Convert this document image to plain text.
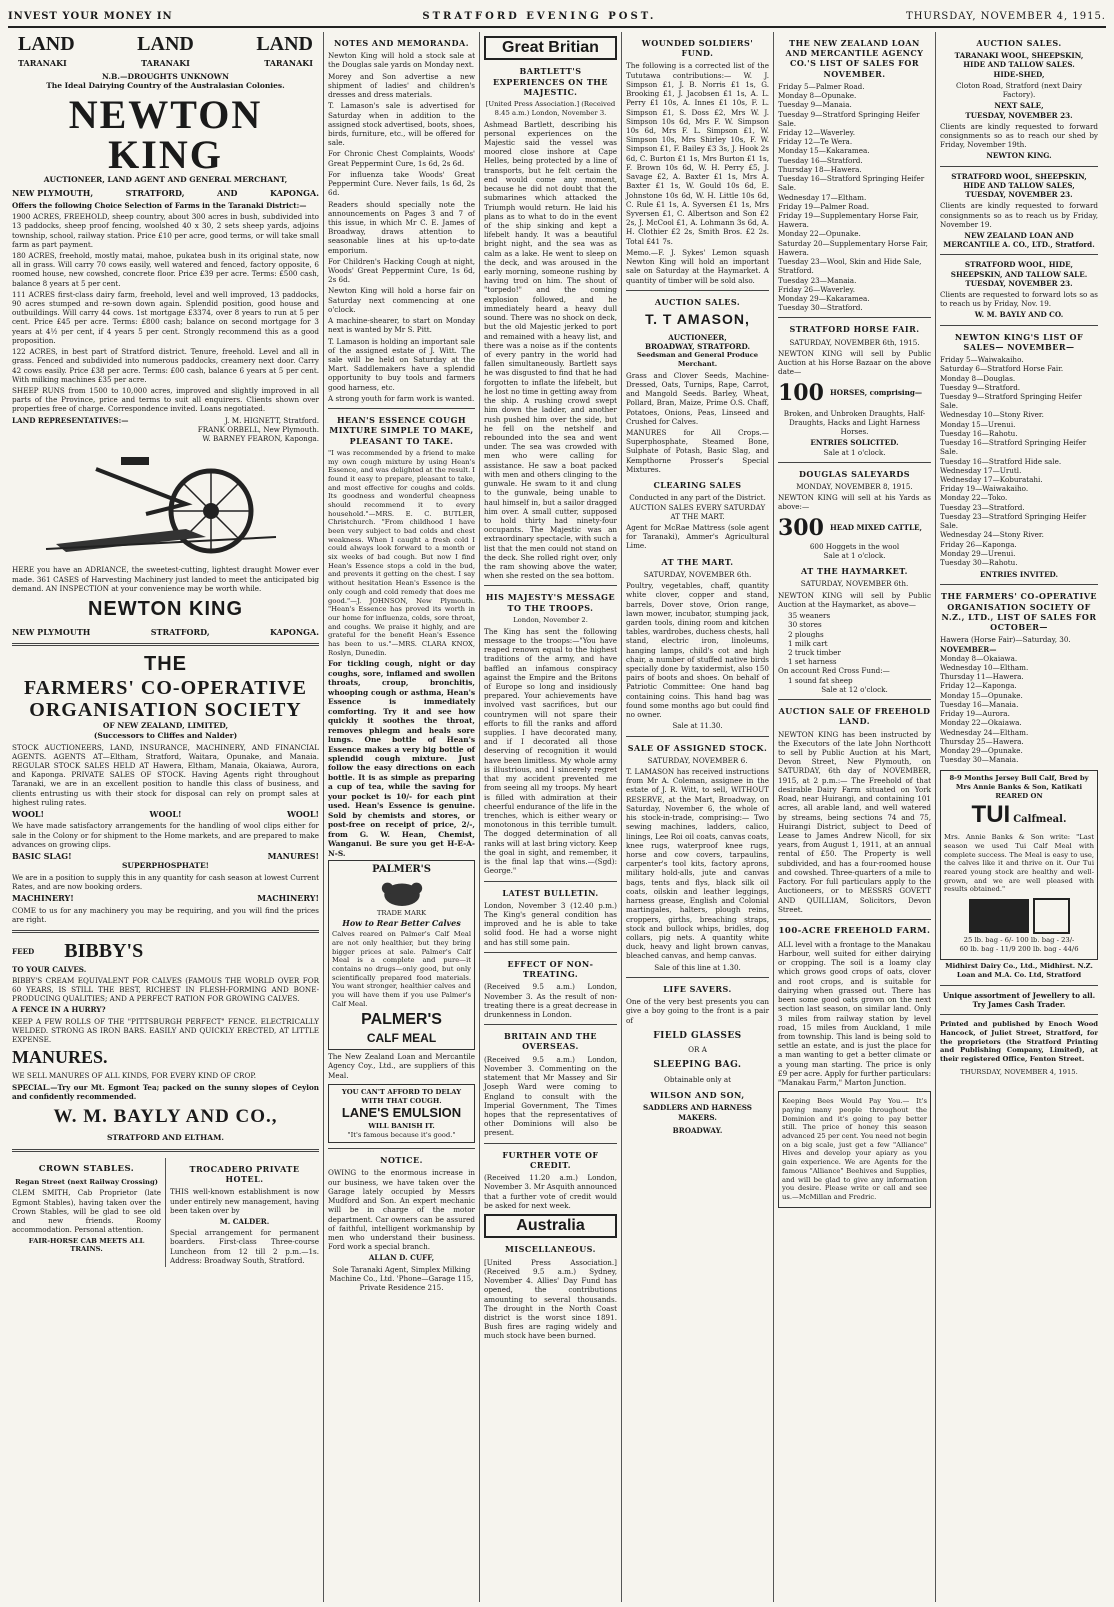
INVEST YOUR MONEY IN	STRATFORD EVENING POST.	THURSDAY, NOVEMBER 4, 1915.
LAND	LAND	LAND
TARANAKI	TARANAKI	TARANAKI
N.B.—DROUGHTS UNKNOWN
The Ideal Dairying Country of the Australasian Colonies.
NEWTON KING
AUCTIONEER, LAND AGENT AND GENERAL MERCHANT,
NEW PLYMOUTH,	STRATFORD,	AND	KAPONGA.

Offers the following Choice Selection of Farms in the Taranaki District:—

1900 ACRES, FREEHOLD, sheep country, about 300 acres in bush, subdivided into 13 paddocks, sheep proof fencing, woolshed 40 x 30, 2 sets sheep yards, adjoins township, school, railway station. Price £10 per acre, good terms, or will take small farm as part payment.

180 ACRES, freehold, mostly matai, mahoe, pukatea bush in its original state, now all in grass. Will carry 70 cows easily, well watered and fenced, factory opposite, 6 roomed house, new cowshed, concrete floor. Price £39 per acre. Terms: £500 cash, balance 8 years at 5 per cent.

111 ACRES first-class dairy farm, freehold, level and well improved, 13 paddocks, 90 acres stumped and re-sown down again. Splendid position, good house and outbuildings. Will carry 44 cows. 1st mortgage £3374, over 8 years to run at 5 per cent. Price £45 per acre. Terms: £800 cash; balance on second mortgage for 3 years at 4½ per cent, if 4 years 5 per cent. Strongly recommend this as a good proposition.

122 ACRES, in best part of Stratford district. Tenure, freehold. Level and all in grass. Fenced and subdivided into numerous paddocks, creamery next door. Carry 42 cows easily. Price £38 per acre. Terms: £00 cash, balance 6 years at 5 per cent. With milking machines £35 per acre.

SHEEP RUNS from 1500 to 10,000 acres, improved and slightly improved in all parts of the Province, price and terms to suit all enquirers. Clients shown over properties free of charge. Correspondence invited. Loans negotiated.

LAND REPRESENTATIVES:—	J. M. HIGNETT, Stratford.
FRANK ORBELL, New Plymouth.
W. BARNEY FEARON, Kaponga.

HERE you have an ADRIANCE, the sweetest-cutting, lightest draught Mower ever made. 361 CASES of Harvesting Machinery just landed to meet the anticipated big demand. AN INSPECTION at your convenience may be worth while.

NEWTON KING
NEW PLYMOUTH	STRATFORD,	KAPONGA.
THE
FARMERS' CO-OPERATIVE ORGANISATION SOCIETY
OF NEW ZEALAND, LIMITED,
(Successors to Cliffes and Nalder)

STOCK AUCTIONEERS, LAND, INSURANCE, MACHINERY, AND FINANCIAL AGENTS. AGENTS AT—Eltham, Stratford, Waitara, Opunake, and Manaia. REGULAR STOCK SALES HELD AT Hawera, Eltham, Manaia, Okaiawa, Aurora, and Kaponga. PRIVATE SALES OF STOCK. Having Agents right throughout Taranaki, we are in an excellent position to handle this class of business, and clients entrusting us with their stock for disposal can rely on prompt sales at highest ruling rates.

WOOL!	WOOL!	WOOL!

We have made satisfactory arrangements for the handling of wool clips either for sale in the Colony or for shipment to the Home markets, and are prepared to make advances on growing clips.

BASIC SLAG!	MANURES!
SUPERPHOSPHATE!

We are in a position to supply this in any quantity for cash season at lowest Current Rates, and are now booking orders.

MACHINERY!	MACHINERY!

COME to us for any machinery you may be requiring, and you will find the prices are right.

FEED BIBBY'S
TO YOUR CALVES.

BIBBY'S CREAM EQUIVALENT FOR CALVES (FAMOUS THE WORLD OVER FOR 60 YEARS, IS STILL THE BEST, RICHEST IN FLESH-FORMING AND BONE-PRODUCING QUALITIES; AND A PERFECT RATION FOR GROWING CALVES.

A FENCE IN A HURRY?

KEEP A FEW ROLLS OF THE "PITTSBURGH PERFECT" FENCE. ELECTRICALLY WELDED. STRONG AS IRON BARS. EASILY AND QUICKLY ERECTED, AT LITTLE EXPENSE.

MANURES.

WE SELL MANURES OF ALL KINDS, FOR EVERY KIND OF CROP.

SPECIAL.—Try our Mt. Egmont Tea; packed on the sunny slopes of Ceylon and confidently recommended.

W. M. BAYLY AND CO.,
STRATFORD AND ELTHAM.
CROWN STABLES.
Regan Street (next Railway Crossing)

CLEM SMITH, Cab Proprietor (late Egmont Stables), having taken over the Crown Stables, will be glad to see old and new friends. Roomy accommodation. Personal attention.

FAIR-HORSE CAB MEETS ALL TRAINS.
TROCADERO PRIVATE HOTEL.

THIS well-known establishment is now under entirely new management, having been taken over by

M. CALDER.

Special arrangement for permanent boarders. First-class Three-course Luncheon from 12 till 2 p.m.—1s. Address: Broadway South, Stratford.

NOTES AND MEMORANDA.

Newton King will hold a stock sale at the Douglas sale yards on Monday next.

Morey and Son advertise a new shipment of ladies' and children's dresses and dress materials.

T. Lamason's sale is advertised for Saturday when in addition to the assigned stock advertised, boots, shoes, birds, furniture, etc., will be offered for sale.

For Chronic Chest Complaints, Woods' Great Peppermint Cure, 1s 6d, 2s 6d.

For influenza take Woods' Great Peppermint Cure. Never fails, 1s 6d, 2s 6d.

Readers should specially note the announcements on Pages 3 and 7 of this issue, in which Mr C. E. James of Broadway, draws attention to seasonable lines at his up-to-date emporium.

For Children's Hacking Cough at night, Woods' Great Peppermint Cure, 1s 6d, 2s 6d.

Newton King will hold a horse fair on Saturday next commencing at one o'clock.

A machine-shearer, to start on Monday next is wanted by Mr S. Pitt.

T. Lamason is holding an important sale of the assigned estate of J. Witt. The sale will be held on Saturday at the Mart. Saddlemakers have a splendid opportunity to buy tools and farmers good harness, etc.

A strong youth for farm work is wanted.

HEAN'S ESSENCE COUGH MIXTURE SIMPLE TO MAKE, PLEASANT TO TAKE.

"I was recommended by a friend to make my own cough mixture by using Hean's Essence, and was delighted at the result. I found it easy to prepare, pleasant to take, and most effective for coughs and colds. Its goodness and wonderful cheapness should recommend it to every household."—MRS. E. C. BUTLER, Christchurch. "From childhood I have been very subject to bad colds and chest weakness. When I caught a fresh cold I could always look forward to a month or six weeks of bad cough. But now I find Hean's Essence stops a cold in the bud, and prevents it getting on the chest. I say without hesitation Hean's Essence is the only cough and cold remedy that does me good."—J. JOHNSON, New Plymouth. "Hean's Essence has proved its worth in our home for influenza, colds, sore throat, and coughs. We praise it highly, and are grateful for the benefit Hean's Essence has been to us."—MRS. CLARA KNOX, Roslyn, Dunedin.

For tickling cough, night or day coughs, sore, inflamed and swollen throats, croup, bronchitis, whooping cough or asthma, Hean's Essence is immediately comforting. Try it and see how quickly it soothes the throat, removes phlegm and heals sore lungs. One bottle of Hean's Essence makes a very big bottle of splendid cough mixture. Just follow the easy directions on each bottle. It is as simple as preparing a cup of tea, while the saving for your pocket is 10/- for each pint used. Hean's Essence is genuine. Sold by chemists and stores, or post-free on receipt of price, 2/-, from G. W. Hean, Chemist, Wanganui. Be sure you get H-E-A-N-S.

PALMER'S
TRADE MARK
How to Rear Better Calves

Calves reared on Palmer's Calf Meal are not only healthier, but they bring bigger prices at sale. Palmer's Calf Meal is a complete and pure—it contains no drugs—only good, but only scientifically prepared food materials. You want stronger, healthier calves and you will have them if you use Palmer's Calf Meal.

PALMER'S
CALF MEAL

The New Zealand Loan and Mercantile Agency Coy., Ltd., are suppliers of this Meal.

YOU CAN'T AFFORD TO DELAY WITH THAT COUGH.
LANE'S EMULSION
WILL BANISH IT.
"It's famous because it's good."
NOTICE.

OWING to the enormous increase in our business, we have taken over the Garage lately occupied by Messrs Mudford and Son. An expert mechanic will be in charge of the motor department. Car owners can be assured of faithful, intelligent workmanship by men who understand their business. Ford work a special branch.

ALLAN D. CUFF,

Sole Taranaki Agent, Simplex Milking Machine Co., Ltd. 'Phone—Garage 115, Private Residence 215.

Great Britian
BARTLETT'S EXPERIENCES ON THE MAJESTIC.

[United Press Association.] (Received 8.45 a.m.) London, November 3.

Ashmead Bartlett, describing his personal experiences on the Majestic said the vessel was moored close inshore at Cape Helles, being protected by a line of transports, but he felt certain the end would come any moment, because he did not doubt that the submarines which attacked the Triumph would return. He laid his plans as to what to do in the event of the ship sinking and kept a lifebelt handy. It was a beautiful bright night, and the sea was as calm as a lake. He went to sleep on the deck, and was aroused in the early morning, someone rushing by having trod on him. The shout of "torpedo!" and the coming explosion followed, and he immediately heard a heavy dull sound. There was no shock on deck, but the old Majestic jerked to port and remained with a heavy list, and there was a noise as if the contents of every pantry in the world had fallen simultaneously. Bartlett says he was disgusted to find that he had forgotten to inflate the lifebelt, but he lost no time in getting away from the ship. A rushing crowd swept him down the ladder, and another rush pushed him over the side, but he fell on the netshelf and rebounded into the sea and went under. The sea was crowded with men who were calling for assistance. He saw a boat packed with men and others clinging to the gunwale. He swam to it and clung to the gunwale, being unable to haul himself in, but a sailor dragged him over. A small cutter, supposed to hold thirty had ninety-four occupants. The Majestic was an extraordinary spectacle, with such a list that the men could not stand on the deck. She rolled right over, only the ram showing above the water, when she rested on the sea bottom.

HIS MAJESTY'S MESSAGE TO THE TROOPS.

London, November 2.

The King has sent the following message to the troops:—"You have reaped renown equal to the highest traditions of the army, and have baffled an infamous conspiracy against the Empire and the Britons of Europe so long and insidiously prepared. Your achievements have involved vast sacrifices, but our countrymen will not spare their efforts to fill the ranks and afford supplies. I have decorated many, and if I decorated all those deserving of recognition it would have been limitless. My whole army is illustrious, and I sincerely regret that my accident prevented me from seeing all my troops. My heart is filled with admiration at their cheerful endurance of the life in the trenches, which is either weary or monotonous in this terrible tumult. The dogged determination of all ranks will at last bring victory. Keep the goal in sight, and remember, it is the final lap that wins.—(Sgd): George."

LATEST BULLETIN.

London, November 3 (12.40 p.m.) The King's general condition has improved and he is able to take solid food. He had a worse night and has still some pain.

EFFECT OF NON-TREATING.

(Received 9.5 a.m.) London, November 3. As the result of non-treating there is a great decrease in drunkenness in London.

BRITAIN AND THE OVERSEAS.

(Received 9.5 a.m.) London, November 3. Commenting on the statement that Mr Massey and Sir Joseph Ward were coming to England to consult with the Imperial Government, The Times hopes that the representatives of other Dominions will also be present.

FURTHER VOTE OF CREDIT.

(Received 11.20 a.m.) London, November 3. Mr Asquith announced that a further vote of credit would be asked for next week.

Australia
MISCELLANEOUS.

[United Press Association.] (Received 9.5 a.m.) Sydney, November 4. Allies' Day Fund has opened, the contributions amounting to several thousands. The drought in the North Coast district is the worst since 1891. Bush fires are raging widely and much stock have been burned.

WOUNDED SOLDIERS' FUND.

The following is a corrected list of the Tututawa contributions:— W. J. Simpson £1, J. B. Norris £1 1s, G. Brooking £1, J. Jacobsen £1 1s, A. L. Perry £1 10s, A. Innes £1 10s, F. L. Simpson £1, S. Doss £2, Mrs W. J. Simpson 10s 6d, Mrs F. W. Simpson 10s 6d, Mrs F. L. Simpson £1, W. Simpson 10s, Mrs Shirley 10s, F. W. Simpson £1, F. Bailey £3 3s, J. Hook 2s 6d, C. Burton £1 1s, Mrs Burton £1 1s, F. Brown 10s 6d, W. H. Perry £5, J. Savage £2, A. Baxter £1 1s, Mrs A. Baxter £1 1s, W. Gould 10s 6d, E. Johnstone 10s 6d, W. H. Little 10s 6d, C. Rule £1 1s, A. Syversen £1 1s, Mrs Syversen £1, C. Albertson and Son £2 2s, J. McCool £1, A. Lohmann 3s 6d, A. H. Clothier £2 2s, Smith Bros. £2 2s. Total £41 7s.

Memo.—F. J. Sykes' Lemon squash Newton King will hold an important sale on Saturday at the Haymarket. A quantity of timber will be sold also.

AUCTION SALES.
T. T AMASON,
AUCTIONEER,
BROADWAY, STRATFORD.
Seedsman and General Produce Merchant.

Grass and Clover Seeds, Machine-Dressed, Oats, Turnips, Rape, Carrot, and Mangold Seeds. Barley, Wheat, Pollard, Bran, Maize, Prime O.S. Chaff, Potatoes, Onions, Peas, Linseed and Crushed for Calves.

MANURES for All Crops.—Superphosphate, Steamed Bone, Sulphate of Potash, Basic Slag, and Kempthorne Prosser's Special Mixtures.

CLEARING SALES

Conducted in any part of the District. AUCTION SALES EVERY SATURDAY AT THE MART.

Agent for McRae Mattress (sole agent for Taranaki), Ammer's Agricultural Lime.

AT THE MART.
SATURDAY, NOVEMBER 6th.

Poultry, vegetables, chaff, quantity white clover, copper and stand, barrels, Dover stove, Orion range, lawn mower, incubator, stumping jack, garden tools, dining room and kitchen tables, wardrobes, duchess chests, hall stand, electric iron, linoleums, hanging lamps, child's cot and high chair, a number of stuffed native birds specially done by taxidermist, also 150 pairs of boots and shoes. On behalf of Patriotic Committee: One hand bag containing coins. This hand bag was found some months ago but could find no owner.

Sale at 11.30.
SALE OF ASSIGNED STOCK.
SATURDAY, NOVEMBER 6.

T. LAMASON has received instructions from Mr A. Coleman, assignee in the estate of J. R. Witt, to sell, WITHOUT RESERVE, at the Mart, Broadway, on Saturday, November 6, the whole of his stock-in-trade, comprising:— Two sewing machines, ladders, calico, linings, Lee Roi oil coats, canvas coats, knee rugs, waterproof knee rugs, horse and cow covers, tarpaulins, carpenter's tool kits, factory aprons, military hold-alls, jute and canvas bags, tents and flys, black silk oil coats, oilskin and leather leggings, harness grease, English and Colonial martingales, halters, plough reins, croppers, girths, breaching straps, stock and bullock whips, bridles, dog collars, pig nets. A quantity white duck, heavy and light brown canvas, bleached canvas, and hemp canvas.

Sale of this line at 1.30.
LIFE SAVERS.

One of the very best presents you can give a boy going to the front is a pair of

FIELD GLASSES
OR A
SLEEPING BAG.
Obtainable only at
WILSON AND SON,
SADDLERS AND HARNESS MAKERS.
BROADWAY.
THE NEW ZEALAND LOAN AND MERCANTILE AGENCY CO.'S LIST OF SALES FOR NOVEMBER.
Friday 5—Palmer Road.
Monday 8—Opunake.
Tuesday 9—Manaia.
Tuesday 9—Stratford Springing Heifer Sale.
Friday 12—Waverley.
Friday 12—Te Wera.
Monday 15—Kakaramea.
Tuesday 16—Stratford.
Thursday 18—Hawera.
Tuesday 16—Stratford Springing Heifer Sale.
Wednesday 17—Eltham.
Friday 19—Palmer Road.
Friday 19—Supplementary Horse Fair, Hawera.
Monday 22—Opunake.
Saturday 20—Supplementary Horse Fair, Hawera.
Tuesday 23—Wool, Skin and Hide Sale, Stratford.
Tuesday 23—Manaia.
Friday 26—Waverley.
Monday 29—Kakaramea.
Tuesday 30—Stratford.
STRATFORD HORSE FAIR.
SATURDAY, NOVEMBER 6th, 1915.

NEWTON KING will sell by Public Auction at his Horse Bazaar on the above date—

100 HORSES, comprising—

Broken, and Unbroken Draughts, Half-Draughts, Hacks and Light Harness Horses.

ENTRIES SOLICITED.
Sale at 1 o'clock.
DOUGLAS SALEYARDS
MONDAY, NOVEMBER 8, 1915.

NEWTON KING will sell at his Yards as above:—

300 HEAD MIXED CATTLE,
600 Hoggets in the wool
Sale at 1 o'clock.
AT THE HAYMARKET.
SATURDAY, NOVEMBER 6th.

NEWTON KING will sell by Public Auction at the Haymarket, as above—

35 weaners
30 stores
2 ploughs
1 milk cart
2 truck timber
1 set harness
On account Red Cross Fund:—
1 sound fat sheep
Sale at 12 o'clock.
AUCTION SALE OF FREEHOLD LAND.

NEWTON KING has been instructed by the Executors of the late John Northcott to sell by Public Auction at his Mart, Devon Street, New Plymouth, on SATURDAY, 6th day of NOVEMBER, 1915, at 2 p.m.:— The Freehold of that desirable Dairy Farm situated on York Road, near Huirangi, and containing 101 acres, all arable land, and well watered by streams, being sections 74 and 75, Huirangi District, subject to Deed of Lease to James Andrew Nicoll, for six years, from August 1, 1911, at an annual rental of £50. The Property is well subdivided, and has a four-roomed house and cowshed. Three-quarters of a mile to Factory. For full particulars apply to the Auctioneers, or to MESSRS GOVETT AND QUILLIAM, Solicitors, Devon Street.

100-ACRE FREEHOLD FARM.

ALL level with a frontage to the Manakau Harbour, well suited for either dairying or cropping. The soil is a loamy clay which grows good crops of oats, clover and root crops, and is suitable for dairying when grassed out. There has been some good oats grown on the next section last season, on similar land. Only 3 miles from railway station by level road, 15 miles from Auckland, 1 mile from township. This land is being sold to settle an estate, and is just the place for a man wanting to get a better climate or a young man starting. The price is only £9 per acre. Apply for further particulars: "Manakau Farm," Marton Junction.

Keeping Bees Would Pay You.— It's paying many people throughout the Dominion and it's going to pay better still. The price of honey this season advanced 25 per cent. You need not begin on a big scale, just get a few "Alliance" Hives and develop your apiary as you gain experience. We are Agents for the famous "Alliance" Beehives and Supplies, and will be glad to give any information you desire. Please write or call and see us.—McMillan and Fredric.

AUCTION SALES.
TARANAKI WOOL, SHEEPSKIN,
HIDE AND TALLOW SALES.
HIDE-SHED,

Cloton Road, Stratford (next Dairy Factory).

NEXT SALE,
TUESDAY, NOVEMBER 23.

Clients are kindly requested to forward consignments so as to reach our shed by Friday, November 19th.

NEWTON KING.
STRATFORD WOOL, SHEEPSKIN, HIDE AND TALLOW SALES,
TUESDAY, NOVEMBER 23.

Clients are kindly requested to forward consignments so as to reach us by Friday, November 19.

NEW ZEALAND LOAN AND MERCANTILE A. CO., LTD., Stratford.
STRATFORD WOOL, HIDE, SHEEPSKIN, AND TALLOW SALE.
TUESDAY, NOVEMBER 23.

Clients are requested to forward lots so as to reach us by Friday, Nov. 19.

W. M. BAYLY AND CO.
NEWTON KING'S LIST OF SALES— NOVEMBER—
Friday 5—Waiwakaiho.
Saturday 6—Stratford Horse Fair.
Monday 8—Douglas.
Tuesday 9—Stratford.
Tuesday 9—Stratford Springing Heifer Sale.
Wednesday 10—Stony River.
Monday 15—Urenui.
Tuesday 16—Rahotu.
Tuesday 16—Stratford Springing Heifer Sale.
Tuesday 16—Stratford Hide sale.
Wednesday 17—Urutl.
Wednesday 17—Koburatahi.
Friday 19—Waiwakaiho.
Monday 22—Toko.
Tuesday 23—Stratford.
Tuesday 23—Stratford Springing Heifer Sale.
Wednesday 24—Stony River.
Friday 26—Kaponga.
Monday 29—Urenui.
Tuesday 30—Rahotu.
ENTRIES INVITED.
THE FARMERS' CO-OPERATIVE ORGANISATION SOCIETY OF N.Z., LTD., LIST OF SALES FOR OCTOBER—
Hawera (Horse Fair)—Saturday, 30.
NOVEMBER—
Monday 8—Okaiawa.
Wednesday 10—Eltham.
Thursday 11—Hawera.
Friday 12—Kaponga.
Monday 15—Opunake.
Tuesday 16—Manaia.
Friday 19—Aurora.
Monday 22—Okaiawa.
Wednesday 24—Eltham.
Thursday 25—Hawera.
Monday 29—Opunake.
Tuesday 30—Manaia.
8-9 Months Jersey Bull Calf, Bred by Mrs Annie Banks & Son, Katikati REARED ON
TUI Calfmeal.

Mrs. Annie Banks & Son write: "Last season we used Tui Calf Meal with complete success. The Meal is easy to use, the calves like it and thrive on it. Our Tui reared young stock are healthy and well-grown, and we are well pleased with results obtained."

25 lb. bag - 6/- 100 lb. bag - 23/-
60 lb. bag - 11/9 200 lb. bag - 44/6

Midhirst Dairy Co., Ltd., Midhirst. N.Z. Loan and M.A. Co. Ltd, Stratford

Unique assortment of Jewellery to all. Try James Cash Trader.

Printed and published by Enoch Wood Hancock, of Juliet Street, Stratford, for the proprietors (the Stratford Printing and Publishing Company, Limited), at their registered Office, Fenton Street.

THURSDAY, NOVEMBER 4, 1915.
